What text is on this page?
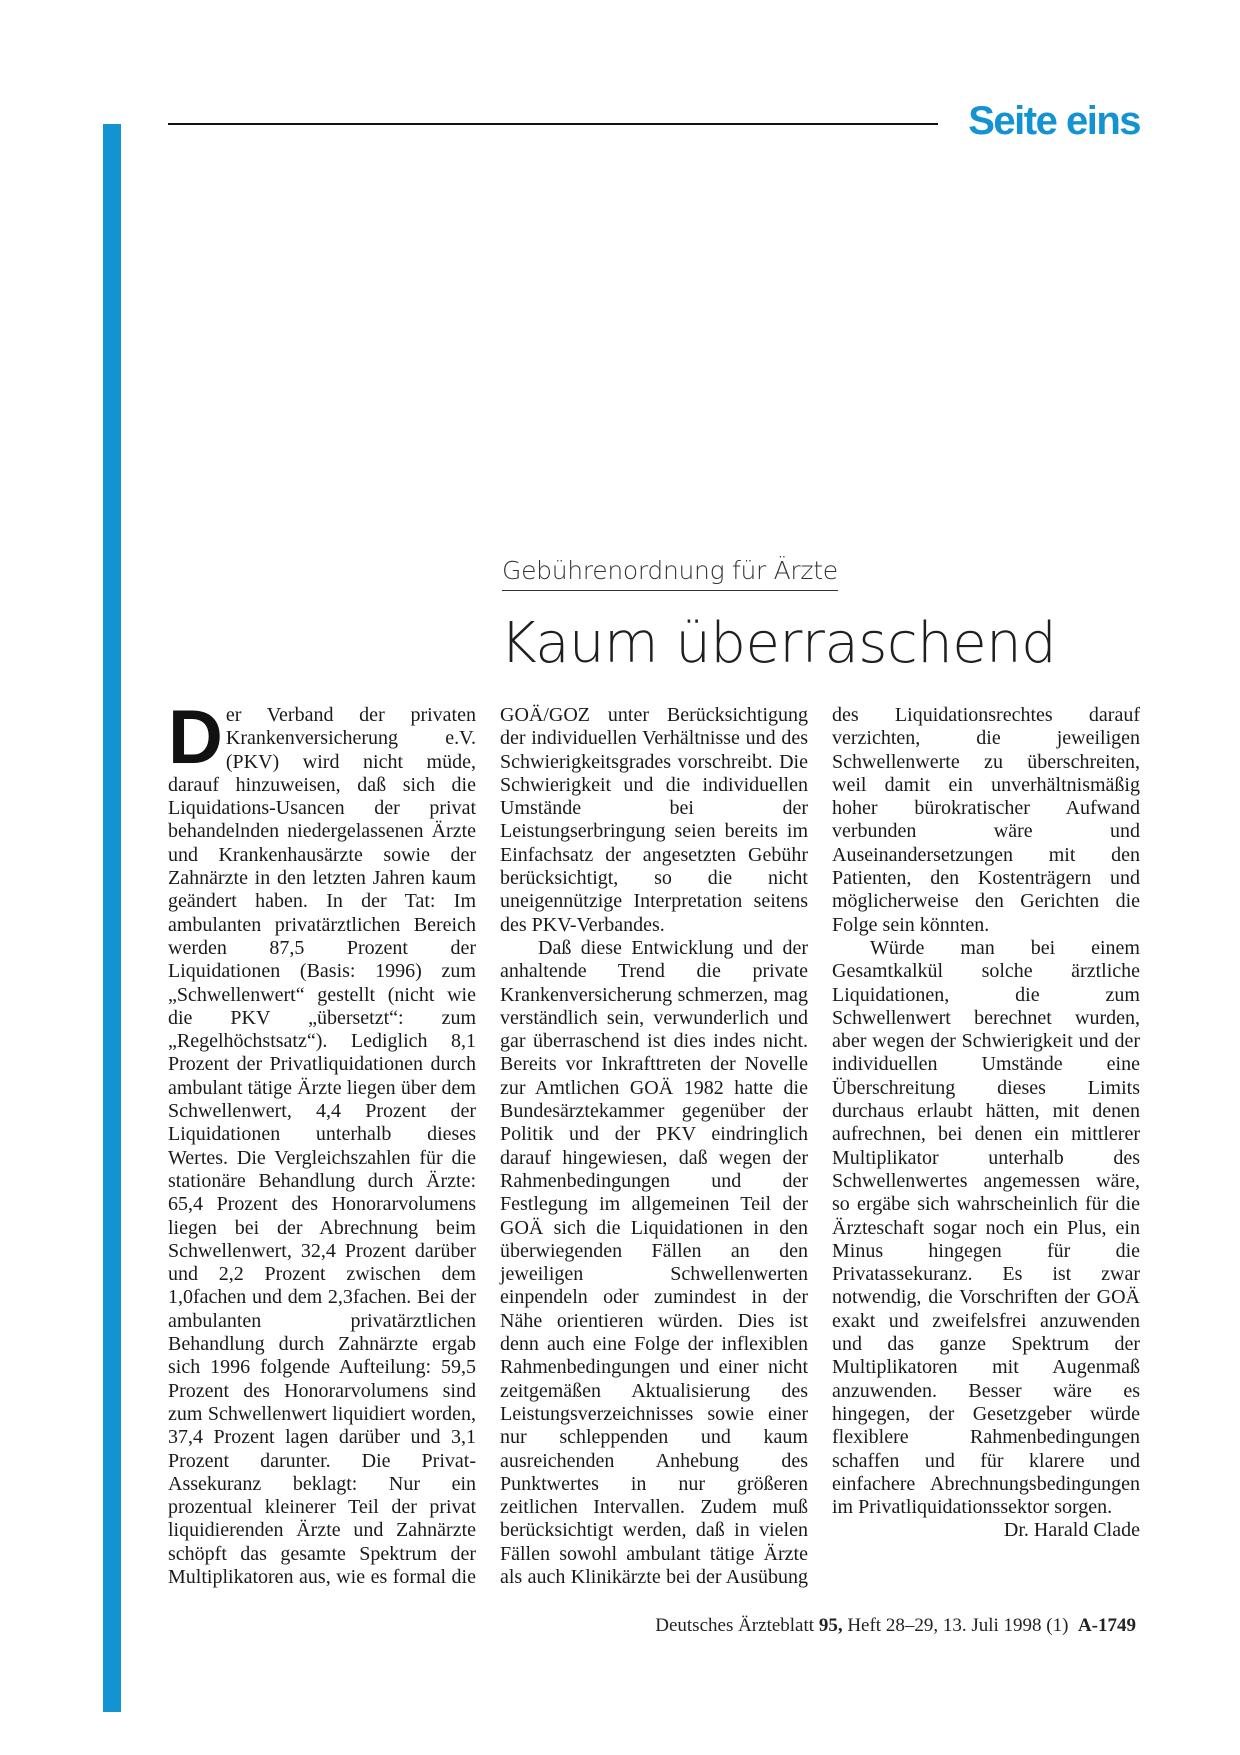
Seite eins
Gebührenordnung für Ärzte
Kaum überraschend

Der Verband der privaten Krankenversicherung e.V. (PKV) wird nicht müde, darauf hinzuweisen, daß sich die Liquidations-Usancen der privat behandelnden niedergelassenen Ärzte und Krankenhausärzte sowie der Zahnärzte in den letzten Jahren kaum geändert haben. In der Tat: Im ambulanten privatärztlichen Bereich werden 87,5 Prozent der Liquidationen (Basis: 1996) zum „Schwellenwert“ gestellt (nicht wie die PKV „übersetzt“: zum „Regelhöchstsatz“). Lediglich 8,1 Prozent der Privatliquidationen durch ambulant tätige Ärzte liegen über dem Schwellenwert, 4,4 Prozent der Liquidationen unterhalb dieses Wertes. Die Vergleichszahlen für die stationäre Behandlung durch Ärzte: 65,4 Prozent des Honorarvolumens liegen bei der Abrechnung beim Schwellenwert, 32,4 Prozent darüber und 2,2 Prozent zwischen dem 1,0fachen und dem 2,3fachen. Bei der ambulanten privatärztlichen Behandlung durch Zahnärzte ergab sich 1996 folgende Aufteilung: 59,5 Prozent des Honorarvolumens sind zum Schwellenwert liquidiert worden, 37,4 Prozent lagen darüber und 3,1 Prozent darunter. Die Privat-Assekuranz beklagt: Nur ein prozentual kleinerer Teil der privat liquidierenden Ärzte und Zahnärzte schöpft das gesamte Spektrum der Multiplikatoren aus, wie es formal die GOÄ/GOZ unter Berücksichtigung der individuellen Verhältnisse und des Schwierigkeitsgrades vorschreibt. Die Schwierigkeit und die individuellen Umstände bei der Leistungserbringung seien bereits im Einfachsatz der angesetzten Gebühr berücksichtigt, so die nicht uneigennützige Interpretation seitens des PKV-Verbandes.

Daß diese Entwicklung und der anhaltende Trend die private Krankenversicherung schmerzen, mag verständlich sein, verwunderlich und gar überraschend ist dies indes nicht. Bereits vor Inkrafttreten der Novelle zur Amtlichen GOÄ 1982 hatte die Bundesärztekammer gegenüber der Politik und der PKV eindringlich darauf hingewiesen, daß wegen der Rahmenbedingungen und der Festlegung im allgemeinen Teil der GOÄ sich die Liquidationen in den überwiegenden Fällen an den jeweiligen Schwellenwerten einpendeln oder zumindest in der Nähe orientieren würden. Dies ist denn auch eine Folge der inflexiblen Rahmenbedingungen und einer nicht zeitgemäßen Aktualisierung des Leistungsverzeichnisses sowie einer nur schleppenden und kaum ausreichenden Anhebung des Punktwertes in nur größeren zeitlichen Intervallen. Zudem muß berücksichtigt werden, daß in vielen Fällen sowohl ambulant tätige Ärzte als auch Klinikärzte bei der Ausübung des Liquidationsrechtes darauf verzichten, die jeweiligen Schwellenwerte zu überschreiten, weil damit ein unverhältnismäßig hoher bürokratischer Aufwand verbunden wäre und Auseinandersetzungen mit den Patienten, den Kostenträgern und möglicherweise den Gerichten die Folge sein könnten.

Würde man bei einem Gesamtkalkül solche ärztliche Liquidationen, die zum Schwellenwert berechnet wurden, aber wegen der Schwierigkeit und der individuellen Umstände eine Überschreitung dieses Limits durchaus erlaubt hätten, mit denen aufrechnen, bei denen ein mittlerer Multiplikator unterhalb des Schwellenwertes angemessen wäre, so ergäbe sich wahrscheinlich für die Ärzteschaft sogar noch ein Plus, ein Minus hingegen für die Privatassekuranz. Es ist zwar notwendig, die Vorschriften der GOÄ exakt und zweifelsfrei anzuwenden und das ganze Spektrum der Multiplikatoren mit Augenmaß anzuwenden. Besser wäre es hingegen, der Gesetzgeber würde flexiblere Rahmenbedingungen schaffen und für klarere und einfachere Abrechnungsbedingungen im Privatliquidationssektor sorgen.
Dr. Harald Clade

Deutsches Ärzteblatt 95, Heft 28–29, 13. Juli 1998 (1) A-1749
